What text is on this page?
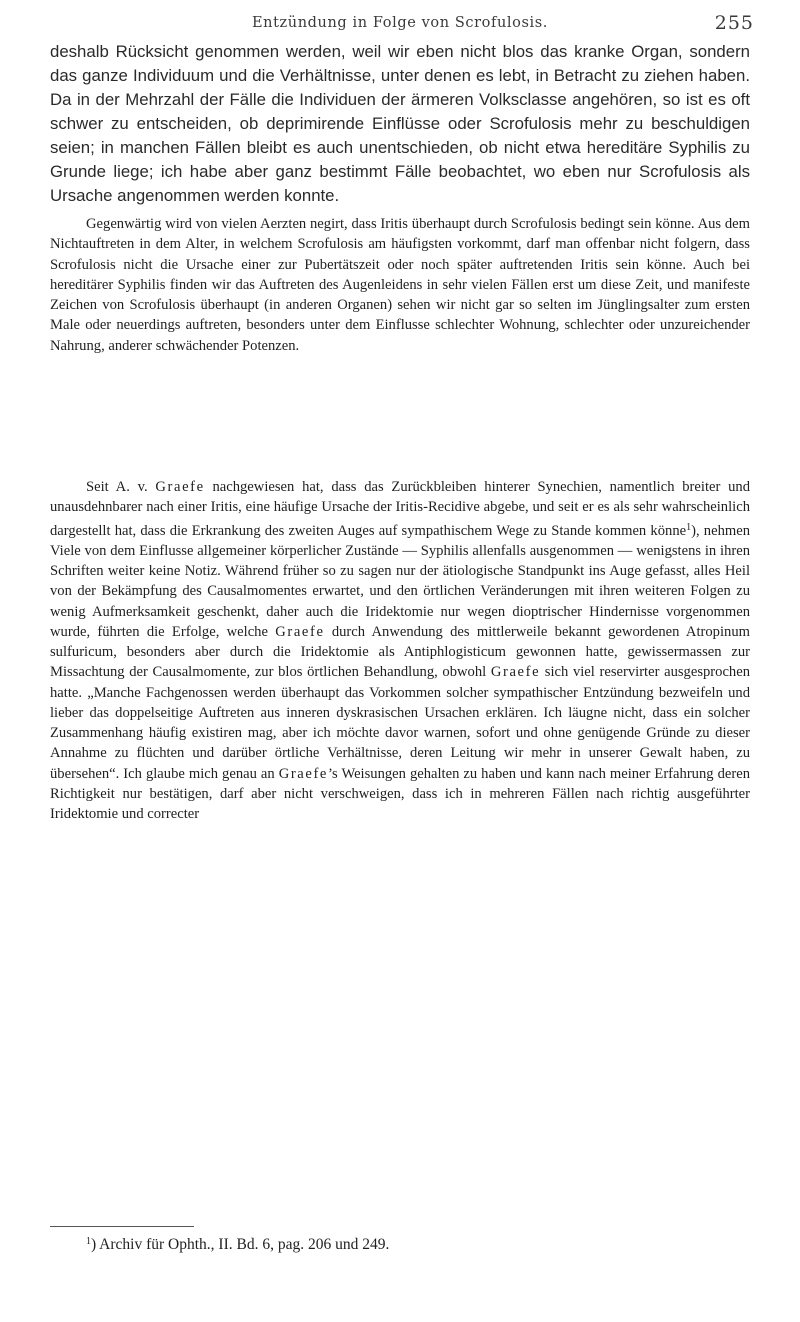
Entzündung in Folge von Scrofulosis.	255

deshalb Rücksicht genommen werden, weil wir eben nicht blos das kranke Organ, sondern das ganze Individuum und die Verhältnisse, unter denen es lebt, in Betracht zu ziehen haben. Da in der Mehrzahl der Fälle die Individuen der ärmeren Volksclasse angehören, so ist es oft schwer zu entscheiden, ob deprimirende Einflüsse oder Scrofulosis mehr zu beschuldigen seien; in manchen Fällen bleibt es auch unentschieden, ob nicht etwa hereditäre Syphilis zu Grunde liege; ich habe aber ganz bestimmt Fälle beobachtet, wo eben nur Scrofulosis als Ursache angenommen werden konnte.

Gegenwärtig wird von vielen Aerzten negirt, dass Iritis überhaupt durch Scrofulosis bedingt sein könne. Aus dem Nichtauftreten in dem Alter, in welchem Scrofulosis am häufigsten vorkommt, darf man offenbar nicht folgern, dass Scrofulosis nicht die Ursache einer zur Pubertätszeit oder noch später auftretenden Iritis sein könne. Auch bei hereditärer Syphilis finden wir das Auftreten des Augenleidens in sehr vielen Fällen erst um diese Zeit, und manifeste Zeichen von Scrofulosis überhaupt (in anderen Organen) sehen wir nicht gar so selten im Jünglingsalter zum ersten Male oder neuerdings auftreten, besonders unter dem Einflusse schlechter Wohnung, schlechter oder unzureichender Nahrung, anderer schwächender Potenzen.

Seit A. v. Graefe nachgewiesen hat, dass das Zurückbleiben hinterer Synechien, namentlich breiter und unausdehnbarer nach einer Iritis, eine häufige Ursache der Iritis-Recidive abgebe, und seit er es als sehr wahrscheinlich dargestellt hat, dass die Erkrankung des zweiten Auges auf sympathischem Wege zu Stande kommen könne$^1$), nehmen Viele von dem Einflusse allgemeiner körperlicher Zustände — Syphilis allenfalls ausgenommen — wenigstens in ihren Schriften weiter keine Notiz. Während früher so zu sagen nur der ätiologische Standpunkt ins Auge gefasst, alles Heil von der Bekämpfung des Causalmomentes erwartet, und den örtlichen Veränderungen mit ihren weiteren Folgen zu wenig Aufmerksamkeit geschenkt, daher auch die Iridektomie nur wegen dioptrischer Hindernisse vorgenommen wurde, führten die Erfolge, welche Graefe durch Anwendung des mittlerweile bekannt gewordenen Atropinum sulfuricum, besonders aber durch die Iridektomie als Antiphlogisticum gewonnen hatte, gewissermassen zur Missachtung der Causalmomente, zur blos örtlichen Behandlung, obwohl Graefe sich viel reservirter ausgesprochen hatte. „Manche Fachgenossen werden überhaupt das Vorkommen solcher sympathischer Entzündung bezweifeln und lieber das doppelseitige Auftreten aus inneren dyskrasischen Ursachen erklären. Ich läugne nicht, dass ein solcher Zusammenhang häufig existiren mag, aber ich möchte davor warnen, sofort und ohne genügende Gründe zu dieser Annahme zu flüchten und darüber örtliche Verhältnisse, deren Leitung wir mehr in unserer Gewalt haben, zu übersehen“. Ich glaube mich genau an Graefe’s Weisungen gehalten zu haben und kann nach meiner Erfahrung deren Richtigkeit nur bestätigen, darf aber nicht verschweigen, dass ich in mehreren Fällen nach richtig ausgeführter Iridektomie und correcter

$^1$) Archiv für Ophth., II. Bd. 6, pag. 206 und 249.
